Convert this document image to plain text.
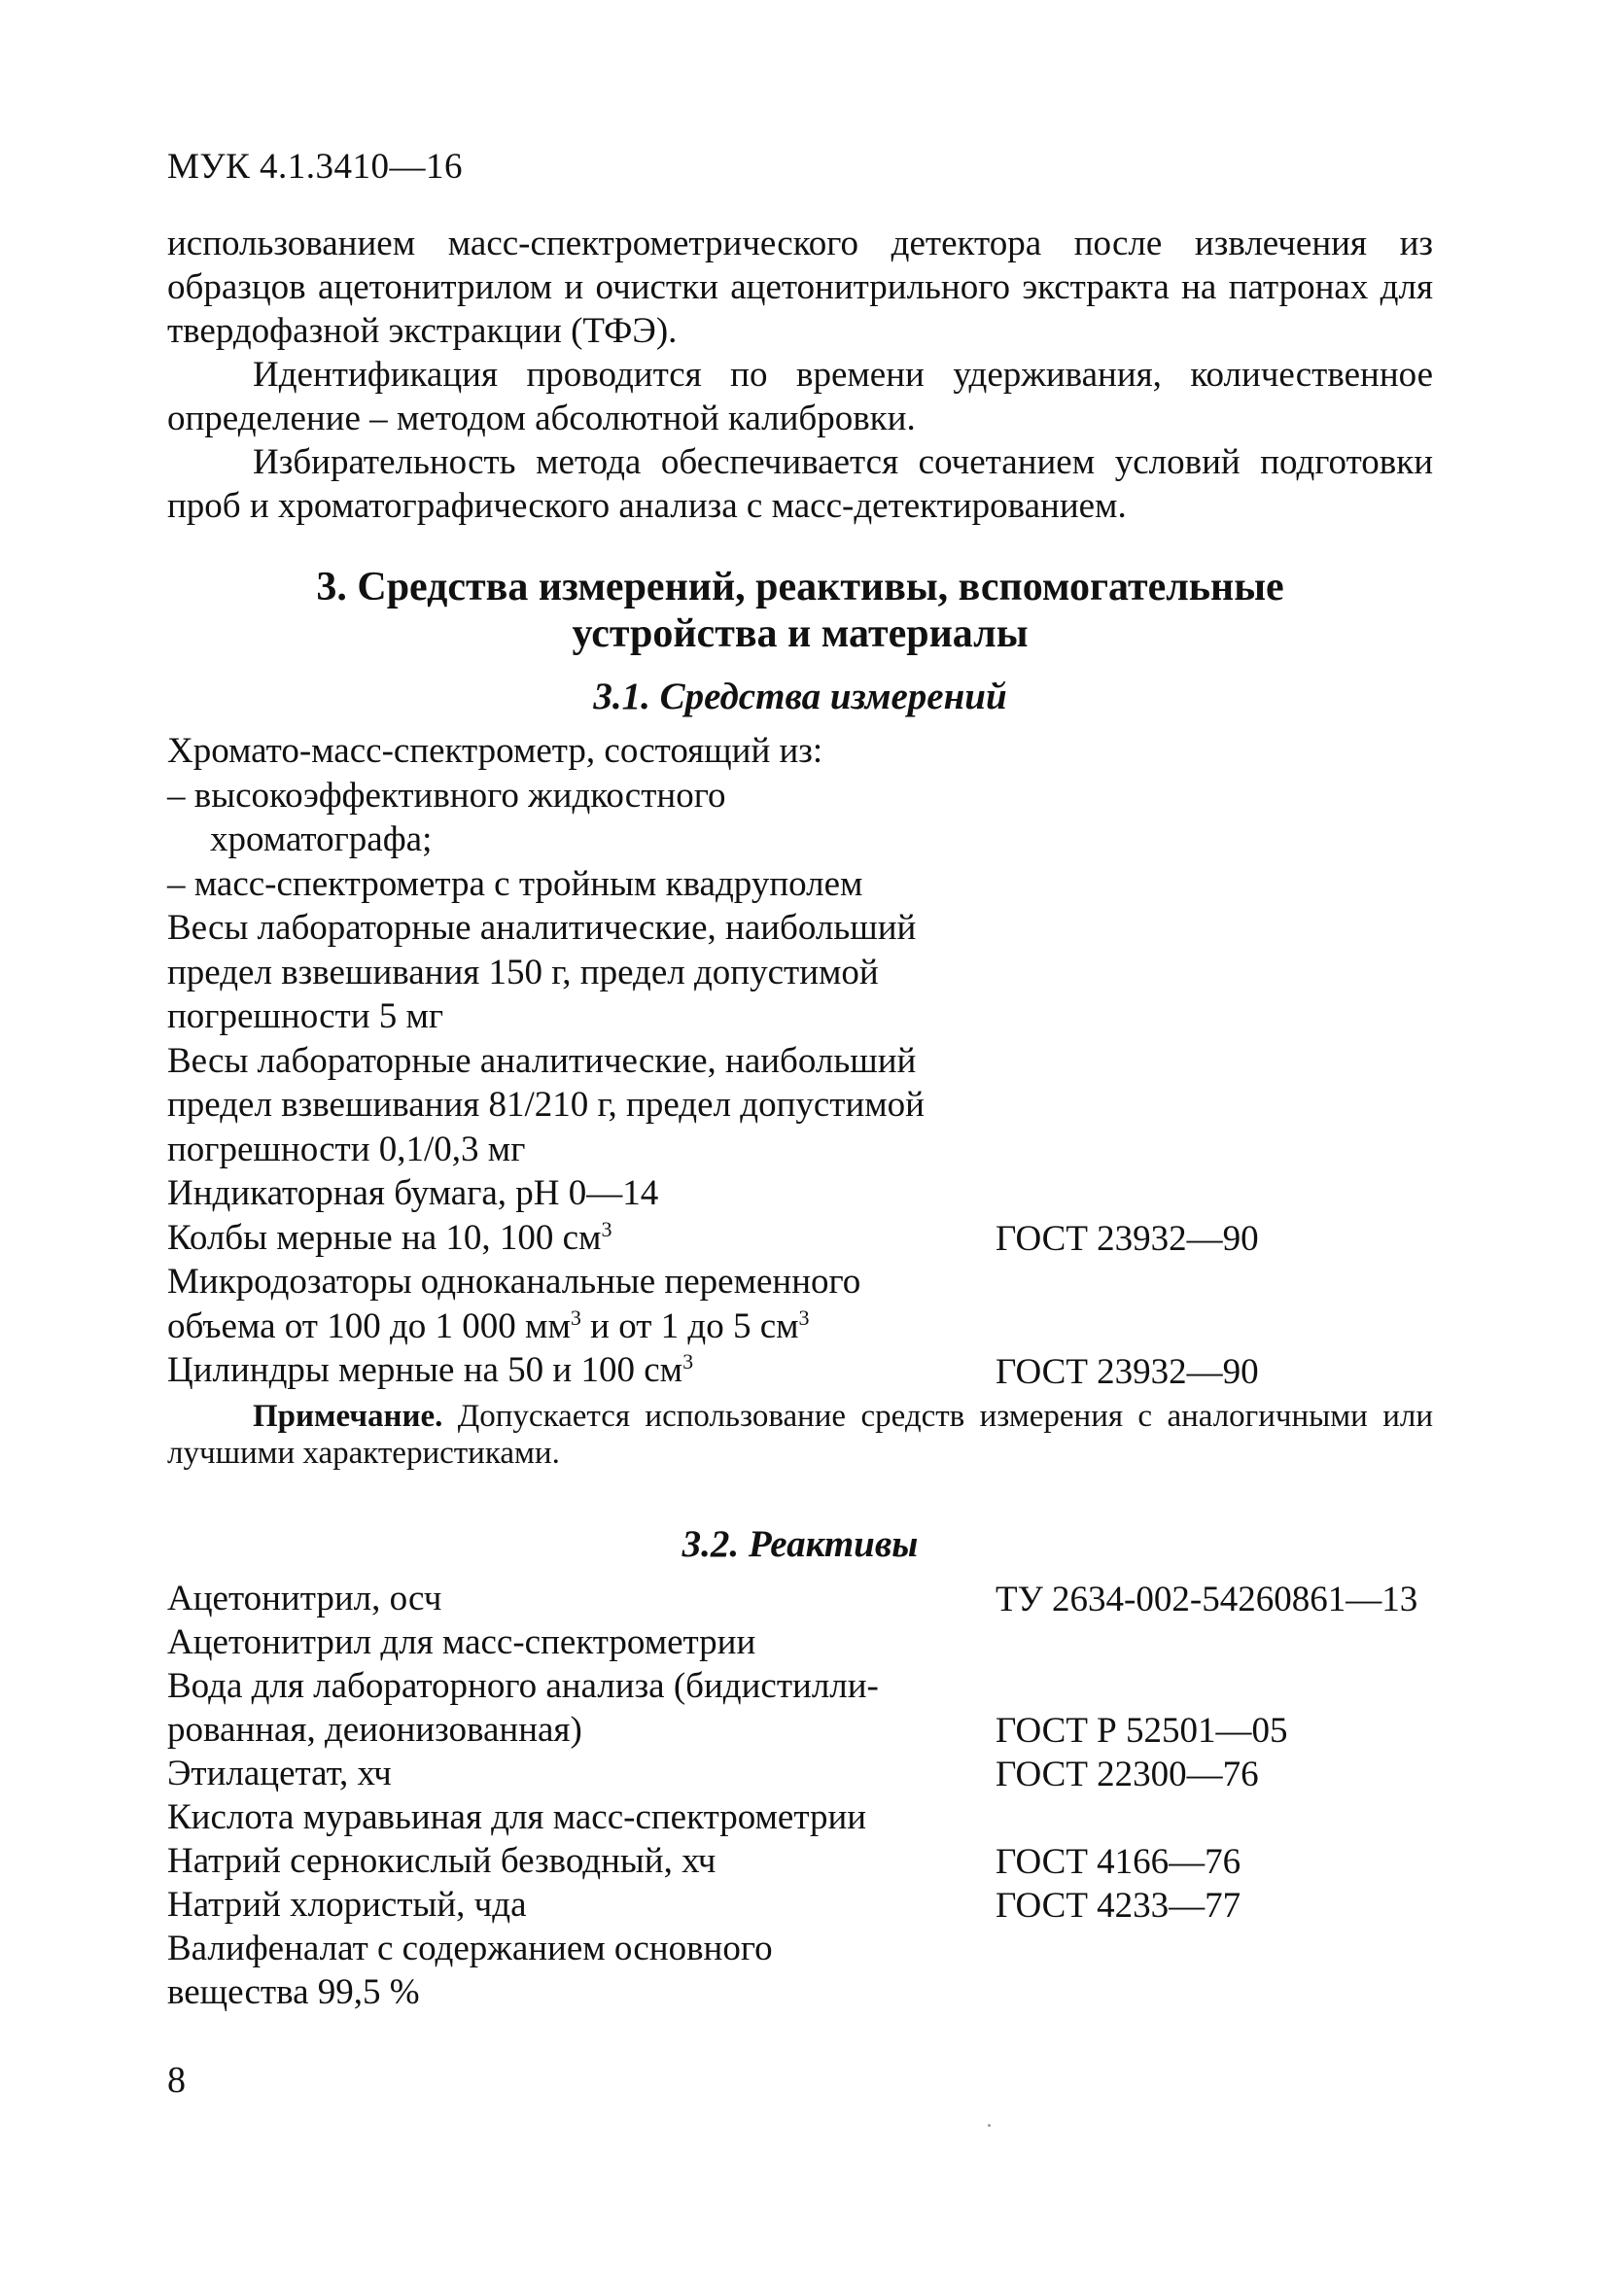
МУК 4.1.3410—16

использованием масс-спектрометрического детектора после извлечения из образцов ацетонитрилом и очистки ацетонитрильного экстракта на патронах для твердофазной экстракции (ТФЭ).

Идентификация проводится по времени удерживания, количественное определение – методом абсолютной калибровки.

Избирательность метода обеспечивается сочетанием условий подготовки проб и хроматографического анализа с масс-детектированием.

3. Средства измерений, реактивы, вспомогательные
устройства и материалы
3.1. Средства измерений
Хромато-масс-спектрометр, состоящий из:
– высокоэффективного жидкостного
хроматографа;
– масс-спектрометра с тройным квадруполем
Весы лабораторные аналитические, наибольший
предел взвешивания 150 г, предел допустимой
погрешности 5 мг
Весы лабораторные аналитические, наибольший
предел взвешивания 81/210 г, предел допустимой
погрешности 0,1/0,3 мг
Индикаторная бумага, рН 0—14
Колбы мерные на 10, 100 $см^3$	ГОСТ 23932—90
Микродозаторы одноканальные переменного
объема от 100 до 1 000 $мм^3$ и от 1 до 5 $см^3$
Цилиндры мерные на 50 и 100 $см^3$	ГОСТ 23932—90

Примечание. Допускается использование средств измерения с аналогичными или лучшими характеристиками.

3.2. Реактивы
Ацетонитрил, осч	ТУ 2634-002-54260861—13
Ацетонитрил для масс-спектрометрии
Вода для лабораторного анализа (бидистилли-
рованная, деионизованная)	ГОСТ Р 52501—05
Этилацетат, хч	ГОСТ 22300—76
Кислота муравьиная для масс-спектрометрии
Натрий сернокислый безводный, хч	ГОСТ 4166—76
Натрий хлористый, чда	ГОСТ 4233—77
Валифеналат с содержанием основного
вещества 99,5 %
8
